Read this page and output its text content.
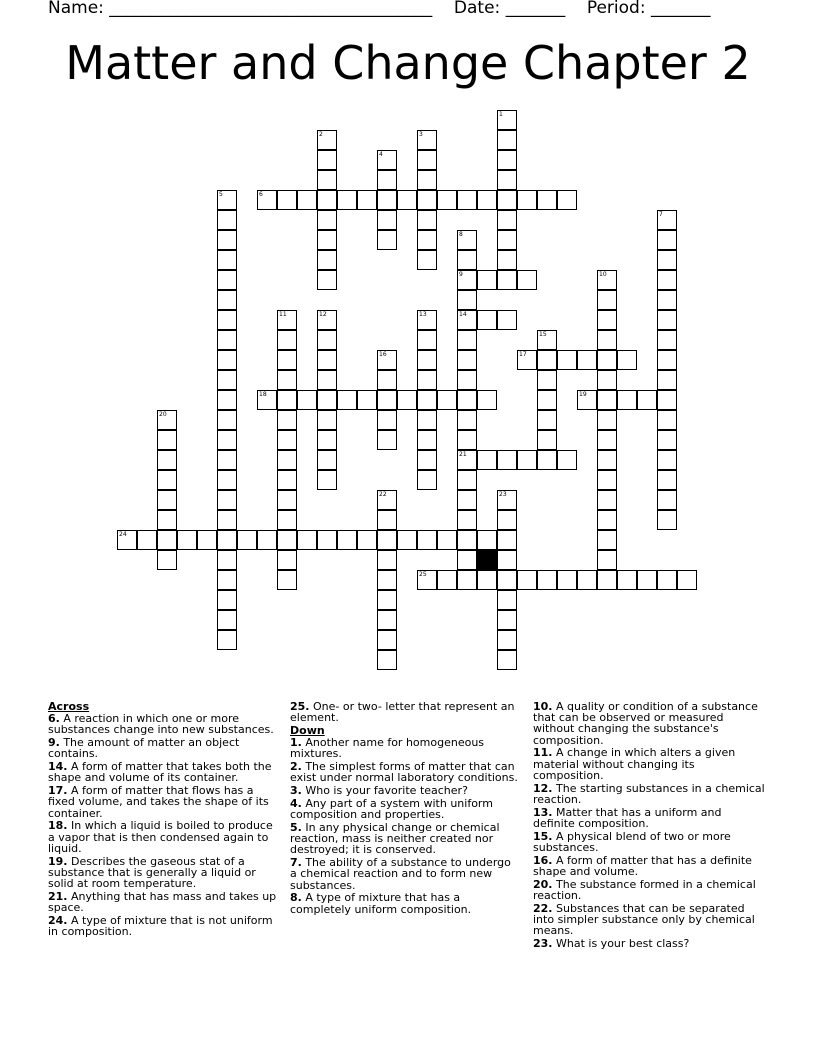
Name: ______________________________________ Date: _______ Period: _______
Matter and Change Chapter 2
1
2	3
4
5	6
7
8
9
14
21
10
11	12	13
15
16	17
18	19
20
22	23
24
25
Across
6. A reaction in which one or more substances change into new substances.
9. The amount of matter an object contains.
14. A form of matter that takes both the shape and volume of its container.
17. A form of matter that flows has a fixed volume, and takes the shape of its container.
18. In which a liquid is boiled to produce a vapor that is then condensed again to liquid.
19. Describes the gaseous stat of a substance that is generally a liquid or solid at room temperature.
21. Anything that has mass and takes up space.
24. A type of mixture that is not uniform in composition.
25. One- or two- letter that represent an element.
Down
1. Another name for homogeneous mixtures.
2. The simplest forms of matter that can exist under normal laboratory conditions.
3. Who is your favorite teacher?
4. Any part of a system with uniform composition and properties.
5. In any physical change or chemical reaction, mass is neither created nor destroyed; it is conserved.
7. The ability of a substance to undergo a chemical reaction and to form new substances.
8. A type of mixture that has a completely uniform composition.
10. A quality or condition of a substance that can be observed or measured without changing the substance's composition.
11. A change in which alters a given material without changing its composition.
12. The starting substances in a chemical reaction.
13. Matter that has a uniform and definite composition.
15. A physical blend of two or more substances.
16. A form of matter that has a definite shape and volume.
20. The substance formed in a chemical reaction.
22. Substances that can be separated into simpler substance only by chemical means.
23. What is your best class?
